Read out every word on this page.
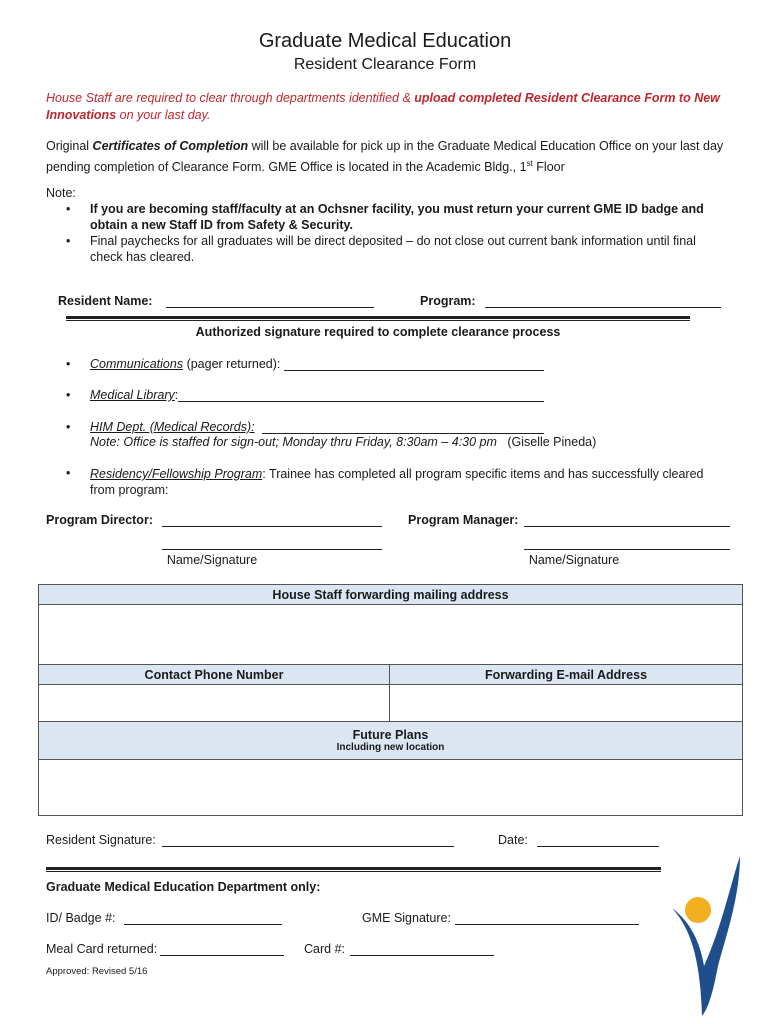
Graduate Medical Education
Resident Clearance Form
House Staff are required to clear through departments identified & upload completed Resident Clearance Form to New Innovations on your last day.
Original Certificates of Completion will be available for pick up in the Graduate Medical Education Office on your last day pending completion of Clearance Form. GME Office is located in the Academic Bldg., 1st Floor
Note:
• If you are becoming staff/faculty at an Ochsner facility, you must return your current GME ID badge and obtain a new Staff ID from Safety & Security.
• Final paychecks for all graduates will be direct deposited – do not close out current bank information until final check has cleared.
Resident Name:	Program:
Authorized signature required to complete clearance process
• Communications (pager returned):
• Medical Library:
• HIM Dept. (Medical Records):
Note: Office is staffed for sign-out; Monday thru Friday, 8:30am – 4:30 pm (Giselle Pineda)
• Residency/Fellowship Program: Trainee has completed all program specific items and has successfully cleared from program:
Program Director:	Program Manager:
Name/Signature	Name/Signature
House Staff forwarding mailing address	

Contact Phone Number	Forwarding E-mail Address

Future Plans
Including new location	

Resident Signature:	Date:
Graduate Medical Education Department only:
ID/ Badge #:	GME Signature:
Meal Card returned:	Card #:
Approved: Revised 5/16
